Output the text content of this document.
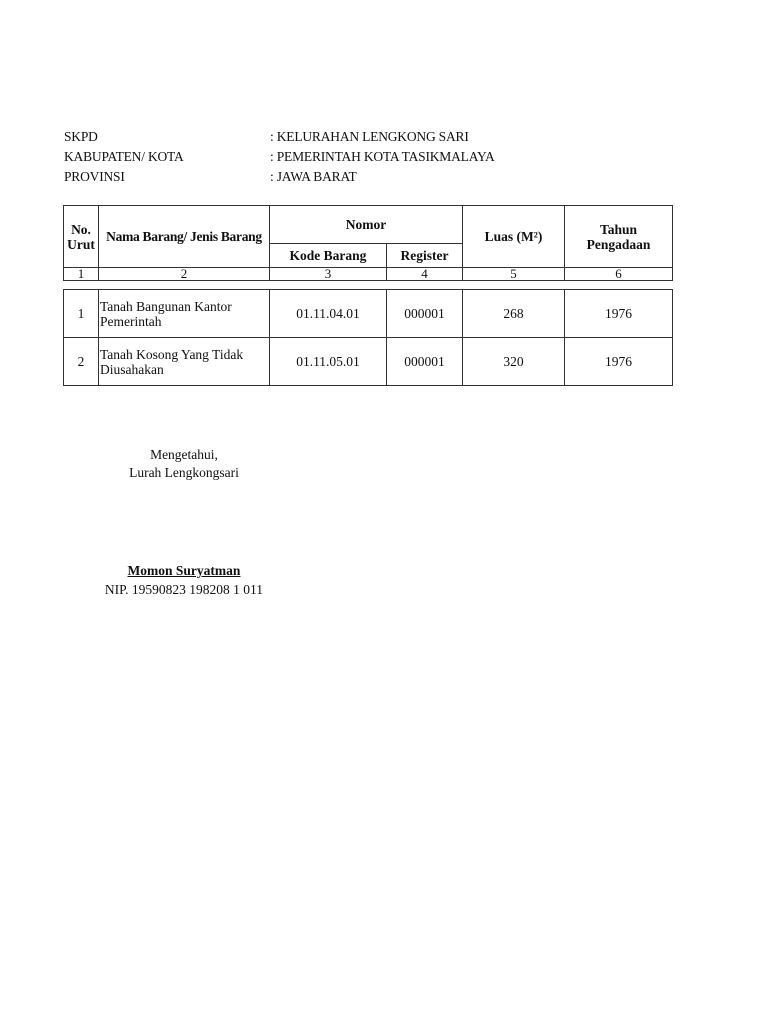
SKPD	: KELURAHAN LENGKONG SARI
KABUPATEN/ KOTA	: PEMERINTAH KOTA TASIKMALAYA
PROVINSI	: JAWA BARAT
No. Urut	Nama Barang/ Jenis Barang	Nomor		Luas (M²)	Tahun Pengadaan
		Kode Barang	Register		
1	2	3	4	5	6
1	Tanah Bangunan Kantor Pemerintah	01.11.04.01	000001	268	1976
2	Tanah Kosong Yang Tidak Diusahakan	01.11.05.01	000001	320	1976
Mengetahui,
Lurah Lengkongsari
Momon Suryatman
NIP. 19590823 198208 1 011
